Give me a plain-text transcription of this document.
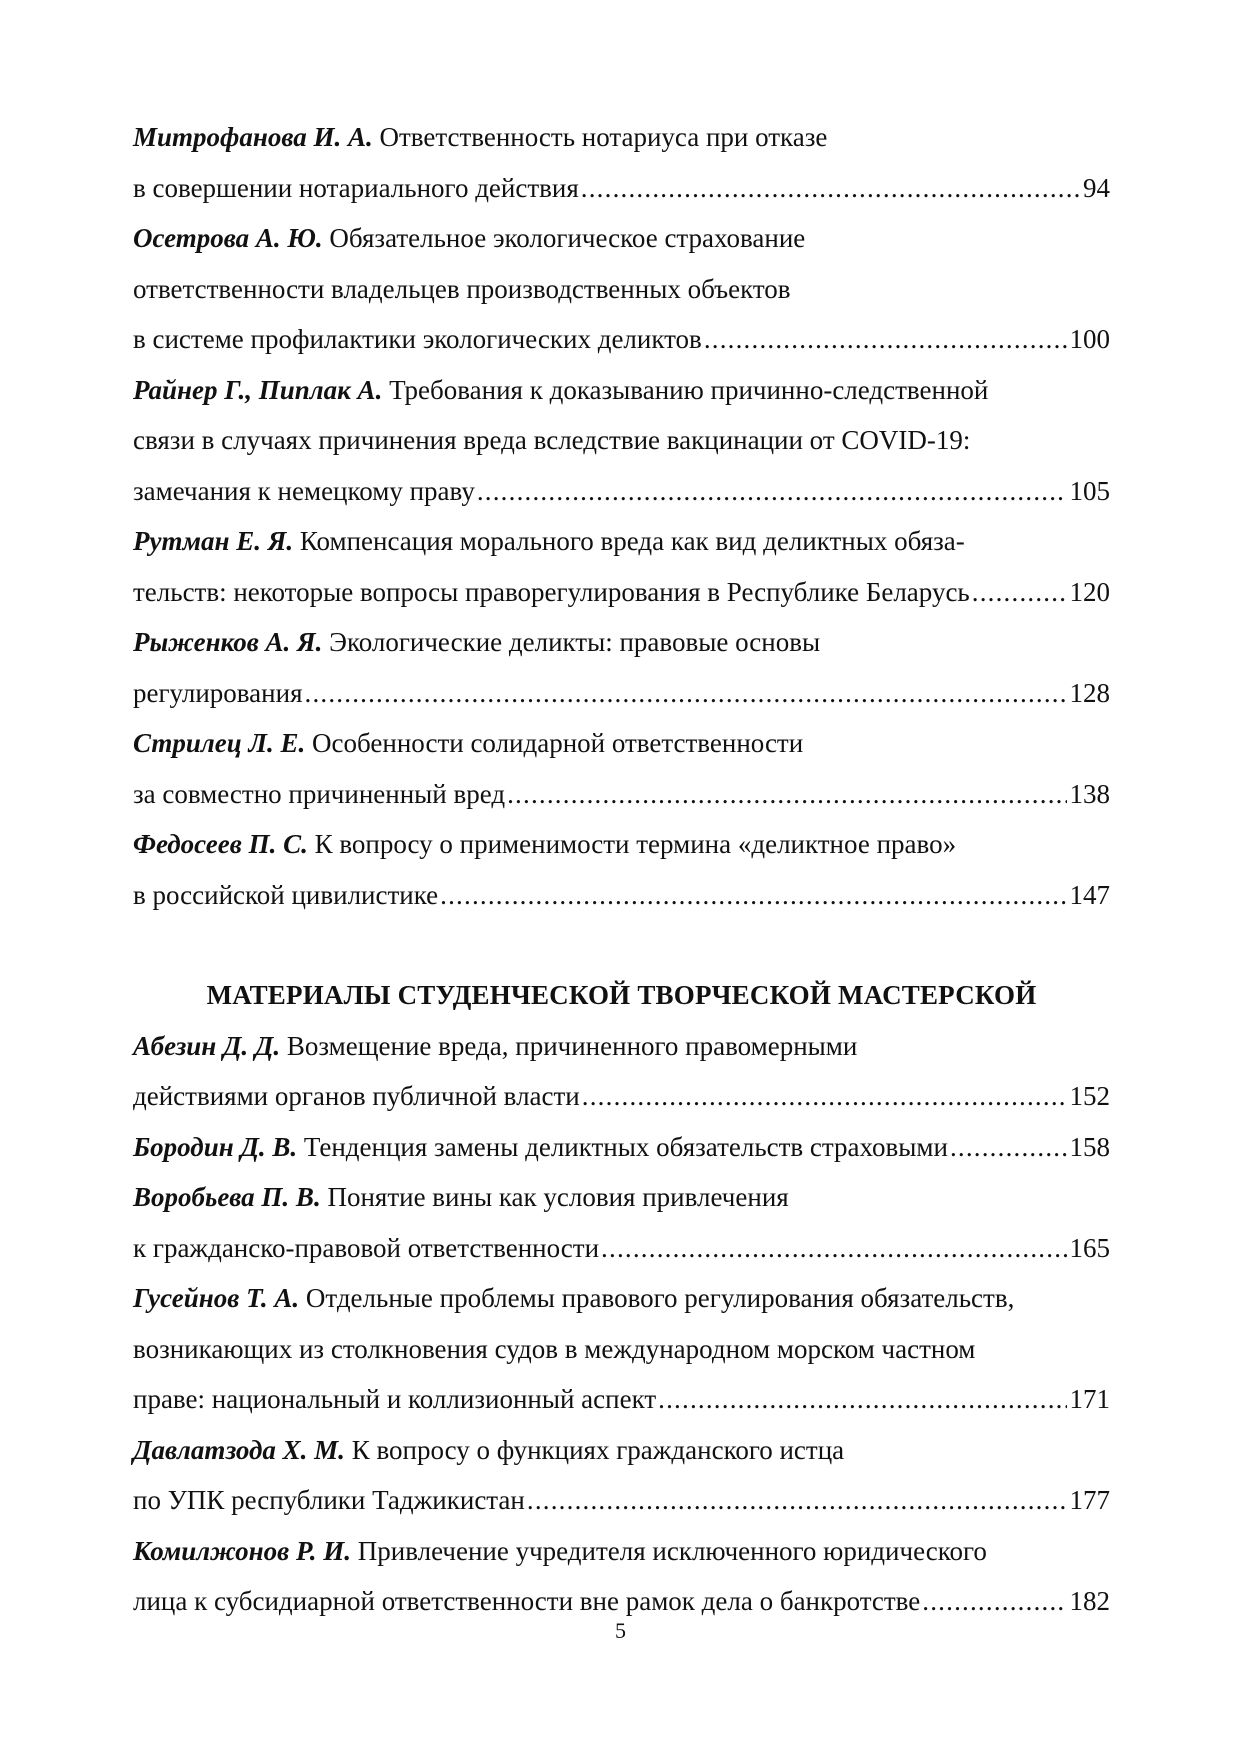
Митрофанова И. А. Ответственность нотариуса при отказе
в совершении нотариального действия .....	94
Осетрова А. Ю. Обязательное экологическое страхование
ответственности владельцев производственных объектов
в системе профилактики экологических деликтов .....	100
Райнер Г., Пиплак А. Требования к доказыванию причинно-следственной
связи в случаях причинения вреда вследствие вакцинации от COVID-19:
замечания к немецкому праву .....	105
Рутман Е. Я. Компенсация морального вреда как вид деликтных обяза-
тельств: некоторые вопросы праворегулирования в Республике Беларусь .....	120
Рыженков А. Я. Экологические деликты: правовые основы
регулирования .....	128
Стрилец Л. Е. Особенности солидарной ответственности
за совместно причиненный вред .....	138
Федосеев П. С. К вопросу о применимости термина «деликтное право»
в российской цивилистике .....	147
МАТЕРИАЛЫ СТУДЕНЧЕСКОЙ ТВОРЧЕСКОЙ МАСТЕРСКОЙ
Абезин Д. Д. Возмещение вреда, причиненного правомерными
действиями органов публичной власти .....	152
Бородин Д. В. Тенденция замены деликтных обязательств страховыми .....	158
Воробьева П. В. Понятие вины как условия привлечения
к гражданско-правовой ответственности .....	165
Гусейнов Т. А. Отдельные проблемы правового регулирования обязательств,
возникающих из столкновения судов в международном морском частном
праве: национальный и коллизионный аспект .....	171
Давлатзода Х. М. К вопросу о функциях гражданского истца
по УПК республики Таджикистан .....	177
Комилжонов Р. И. Привлечение учредителя исключенного юридического
лица к субсидиарной ответственности вне рамок дела о банкротстве .....	182
5
